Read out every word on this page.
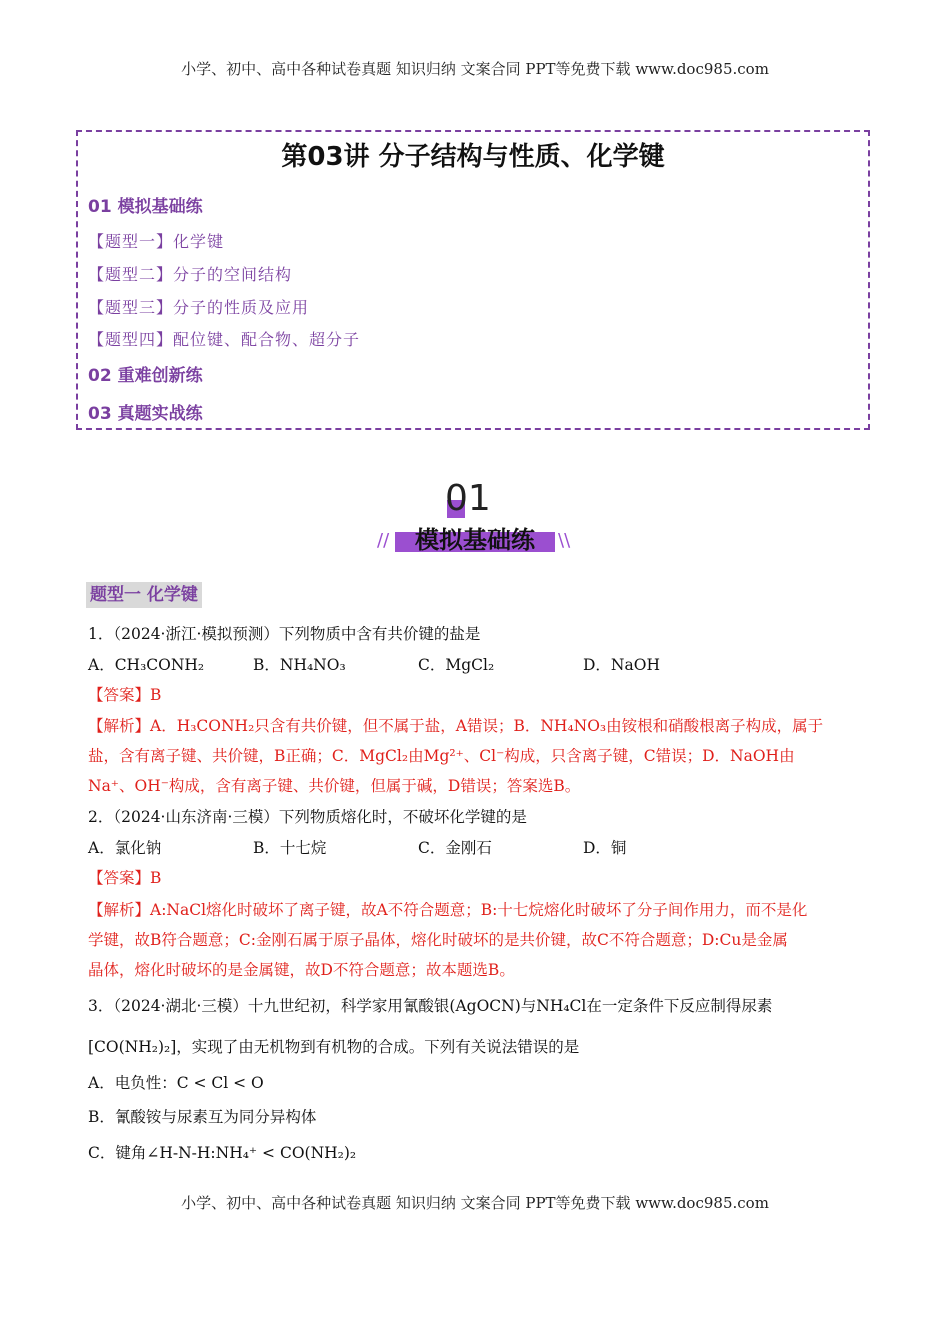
小学、初中、高中各种试卷真题 知识归纳 文案合同 PPT等免费下载 www.doc985.com
第03讲 分子结构与性质、化学键
01 模拟基础练
【题型一】化学键
【题型二】分子的空间结构
【题型三】分子的性质及应用
【题型四】配位键、配合物、超分子
02 重难创新练
03 真题实战练
01
模拟基础练
//	\\
题型一 化学键
1．（2024·浙江·模拟预测）下列物质中含有共价键的盐是
A．CH₃CONH₂	B．NH₄NO₃	C．MgCl₂	D．NaOH
【答案】B
【解析】A．H₃CONH₂只含有共价键，但不属于盐，A错误；B．NH₄NO₃由铵根和硝酸根离子构成，属于
盐，含有离子键、共价键，B正确；C．MgCl₂由Mg²⁺、Cl⁻构成，只含离子键，C错误；D．NaOH由
Na⁺、OH⁻构成，含有离子键、共价键，但属于碱，D错误；答案选B。
2．（2024·山东济南·三模）下列物质熔化时，不破坏化学键的是
A．氯化钠	B．十七烷	C．金刚石	D．铜
【答案】B
【解析】A:NaCl熔化时破坏了离子键，故A不符合题意；B:十七烷熔化时破坏了分子间作用力，而不是化
学键，故B符合题意；C:金刚石属于原子晶体，熔化时破坏的是共价键，故C不符合题意；D:Cu是金属
晶体，熔化时破坏的是金属键，故D不符合题意；故本题选B。
3．（2024·湖北·三模）十九世纪初，科学家用氰酸银(AgOCN)与NH₄Cl在一定条件下反应制得尿素
[CO(NH₂)₂]，实现了由无机物到有机物的合成。下列有关说法错误的是
A．电负性：C < Cl < O
B．氰酸铵与尿素互为同分异构体
C．键角∠H-N-H:NH₄⁺ < CO(NH₂)₂
小学、初中、高中各种试卷真题 知识归纳 文案合同 PPT等免费下载 www.doc985.com
